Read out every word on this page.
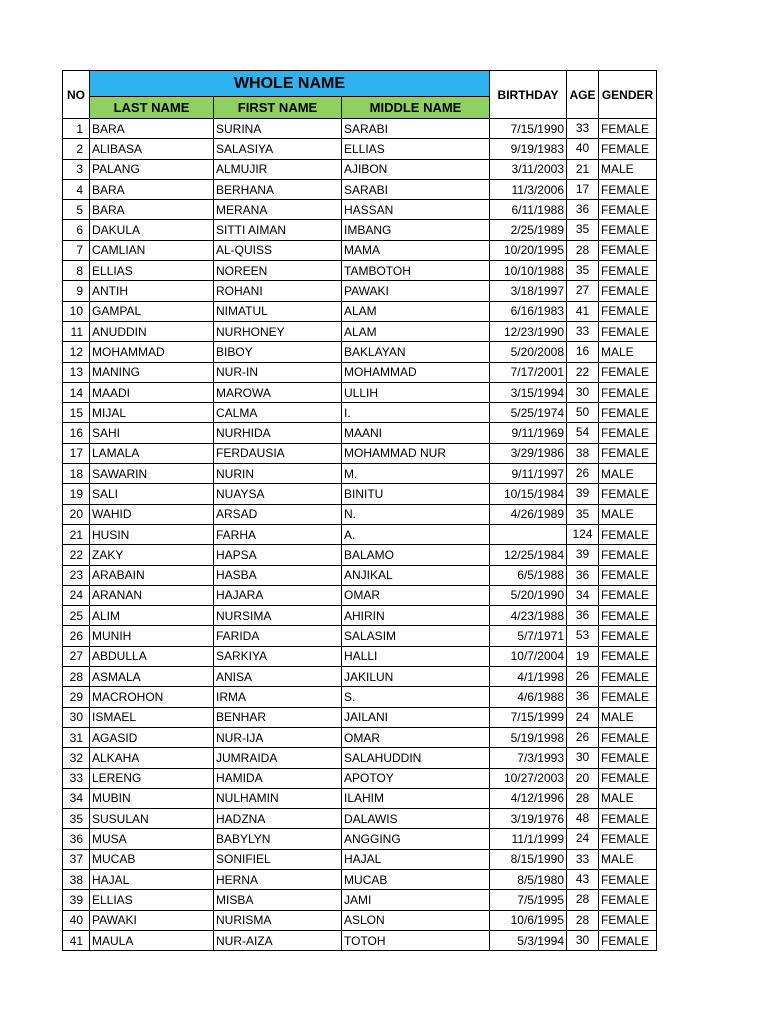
NO	WHOLE NAME			BIRTHDAY	AGE	GENDER
	LAST NAME	FIRST NAME	MIDDLE NAME			
1	BARA	SURINA	SARABI	7/15/1990	33	FEMALE
2	ALIBASA	SALASIYA	ELLIAS	9/19/1983	40	FEMALE
3	PALANG	ALMUJIR	AJIBON	3/11/2003	21	MALE
4	BARA	BERHANA	SARABI	11/3/2006	17	FEMALE
5	BARA	MERANA	HASSAN	6/11/1988	36	FEMALE
6	DAKULA	SITTI AIMAN	IMBANG	2/25/1989	35	FEMALE
7	CAMLIAN	AL-QUISS	MAMA	10/20/1995	28	FEMALE
8	ELLIAS	NOREEN	TAMBOTOH	10/10/1988	35	FEMALE
9	ANTIH	ROHANI	PAWAKI	3/18/1997	27	FEMALE
10	GAMPAL	NIMATUL	ALAM	6/16/1983	41	FEMALE
11	ANUDDIN	NURHONEY	ALAM	12/23/1990	33	FEMALE
12	MOHAMMAD	BIBOY	BAKLAYAN	5/20/2008	16	MALE
13	MANING	NUR-IN	MOHAMMAD	7/17/2001	22	FEMALE
14	MAADI	MAROWA	ULLIH	3/15/1994	30	FEMALE
15	MIJAL	CALMA	I.	5/25/1974	50	FEMALE
16	SAHI	NURHIDA	MAANI	9/11/1969	54	FEMALE
17	LAMALA	FERDAUSIA	MOHAMMAD NUR	3/29/1986	38	FEMALE
18	SAWARIN	NURIN	M.	9/11/1997	26	MALE
19	SALI	NUAYSA	BINITU	10/15/1984	39	FEMALE
20	WAHID	ARSAD	N.	4/26/1989	35	MALE
21	HUSIN	FARHA	A.		124	FEMALE
22	ZAKY	HAPSA	BALAMO	12/25/1984	39	FEMALE
23	ARABAIN	HASBA	ANJIKAL	6/5/1988	36	FEMALE
24	ARANAN	HAJARA	OMAR	5/20/1990	34	FEMALE
25	ALIM	NURSIMA	AHIRIN	4/23/1988	36	FEMALE
26	MUNIH	FARIDA	SALASIM	5/7/1971	53	FEMALE
27	ABDULLA	SARKIYA	HALLI	10/7/2004	19	FEMALE
28	ASMALA	ANISA	JAKILUN	4/1/1998	26	FEMALE
29	MACROHON	IRMA	S.	4/6/1988	36	FEMALE
30	ISMAEL	BENHAR	JAILANI	7/15/1999	24	MALE
31	AGASID	NUR-IJA	OMAR	5/19/1998	26	FEMALE
32	ALKAHA	JUMRAIDA	SALAHUDDIN	7/3/1993	30	FEMALE
33	LERENG	HAMIDA	APOTOY	10/27/2003	20	FEMALE
34	MUBIN	NULHAMIN	ILAHIM	4/12/1996	28	MALE
35	SUSULAN	HADZNA	DALAWIS	3/19/1976	48	FEMALE
36	MUSA	BABYLYN	ANGGING	11/1/1999	24	FEMALE
37	MUCAB	SONIFIEL	HAJAL	8/15/1990	33	MALE
38	HAJAL	HERNA	MUCAB	8/5/1980	43	FEMALE
39	ELLIAS	MISBA	JAMI	7/5/1995	28	FEMALE
40	PAWAKI	NURISMA	ASLON	10/6/1995	28	FEMALE
41	MAULA	NUR-AIZA	TOTOH	5/3/1994	30	FEMALE
